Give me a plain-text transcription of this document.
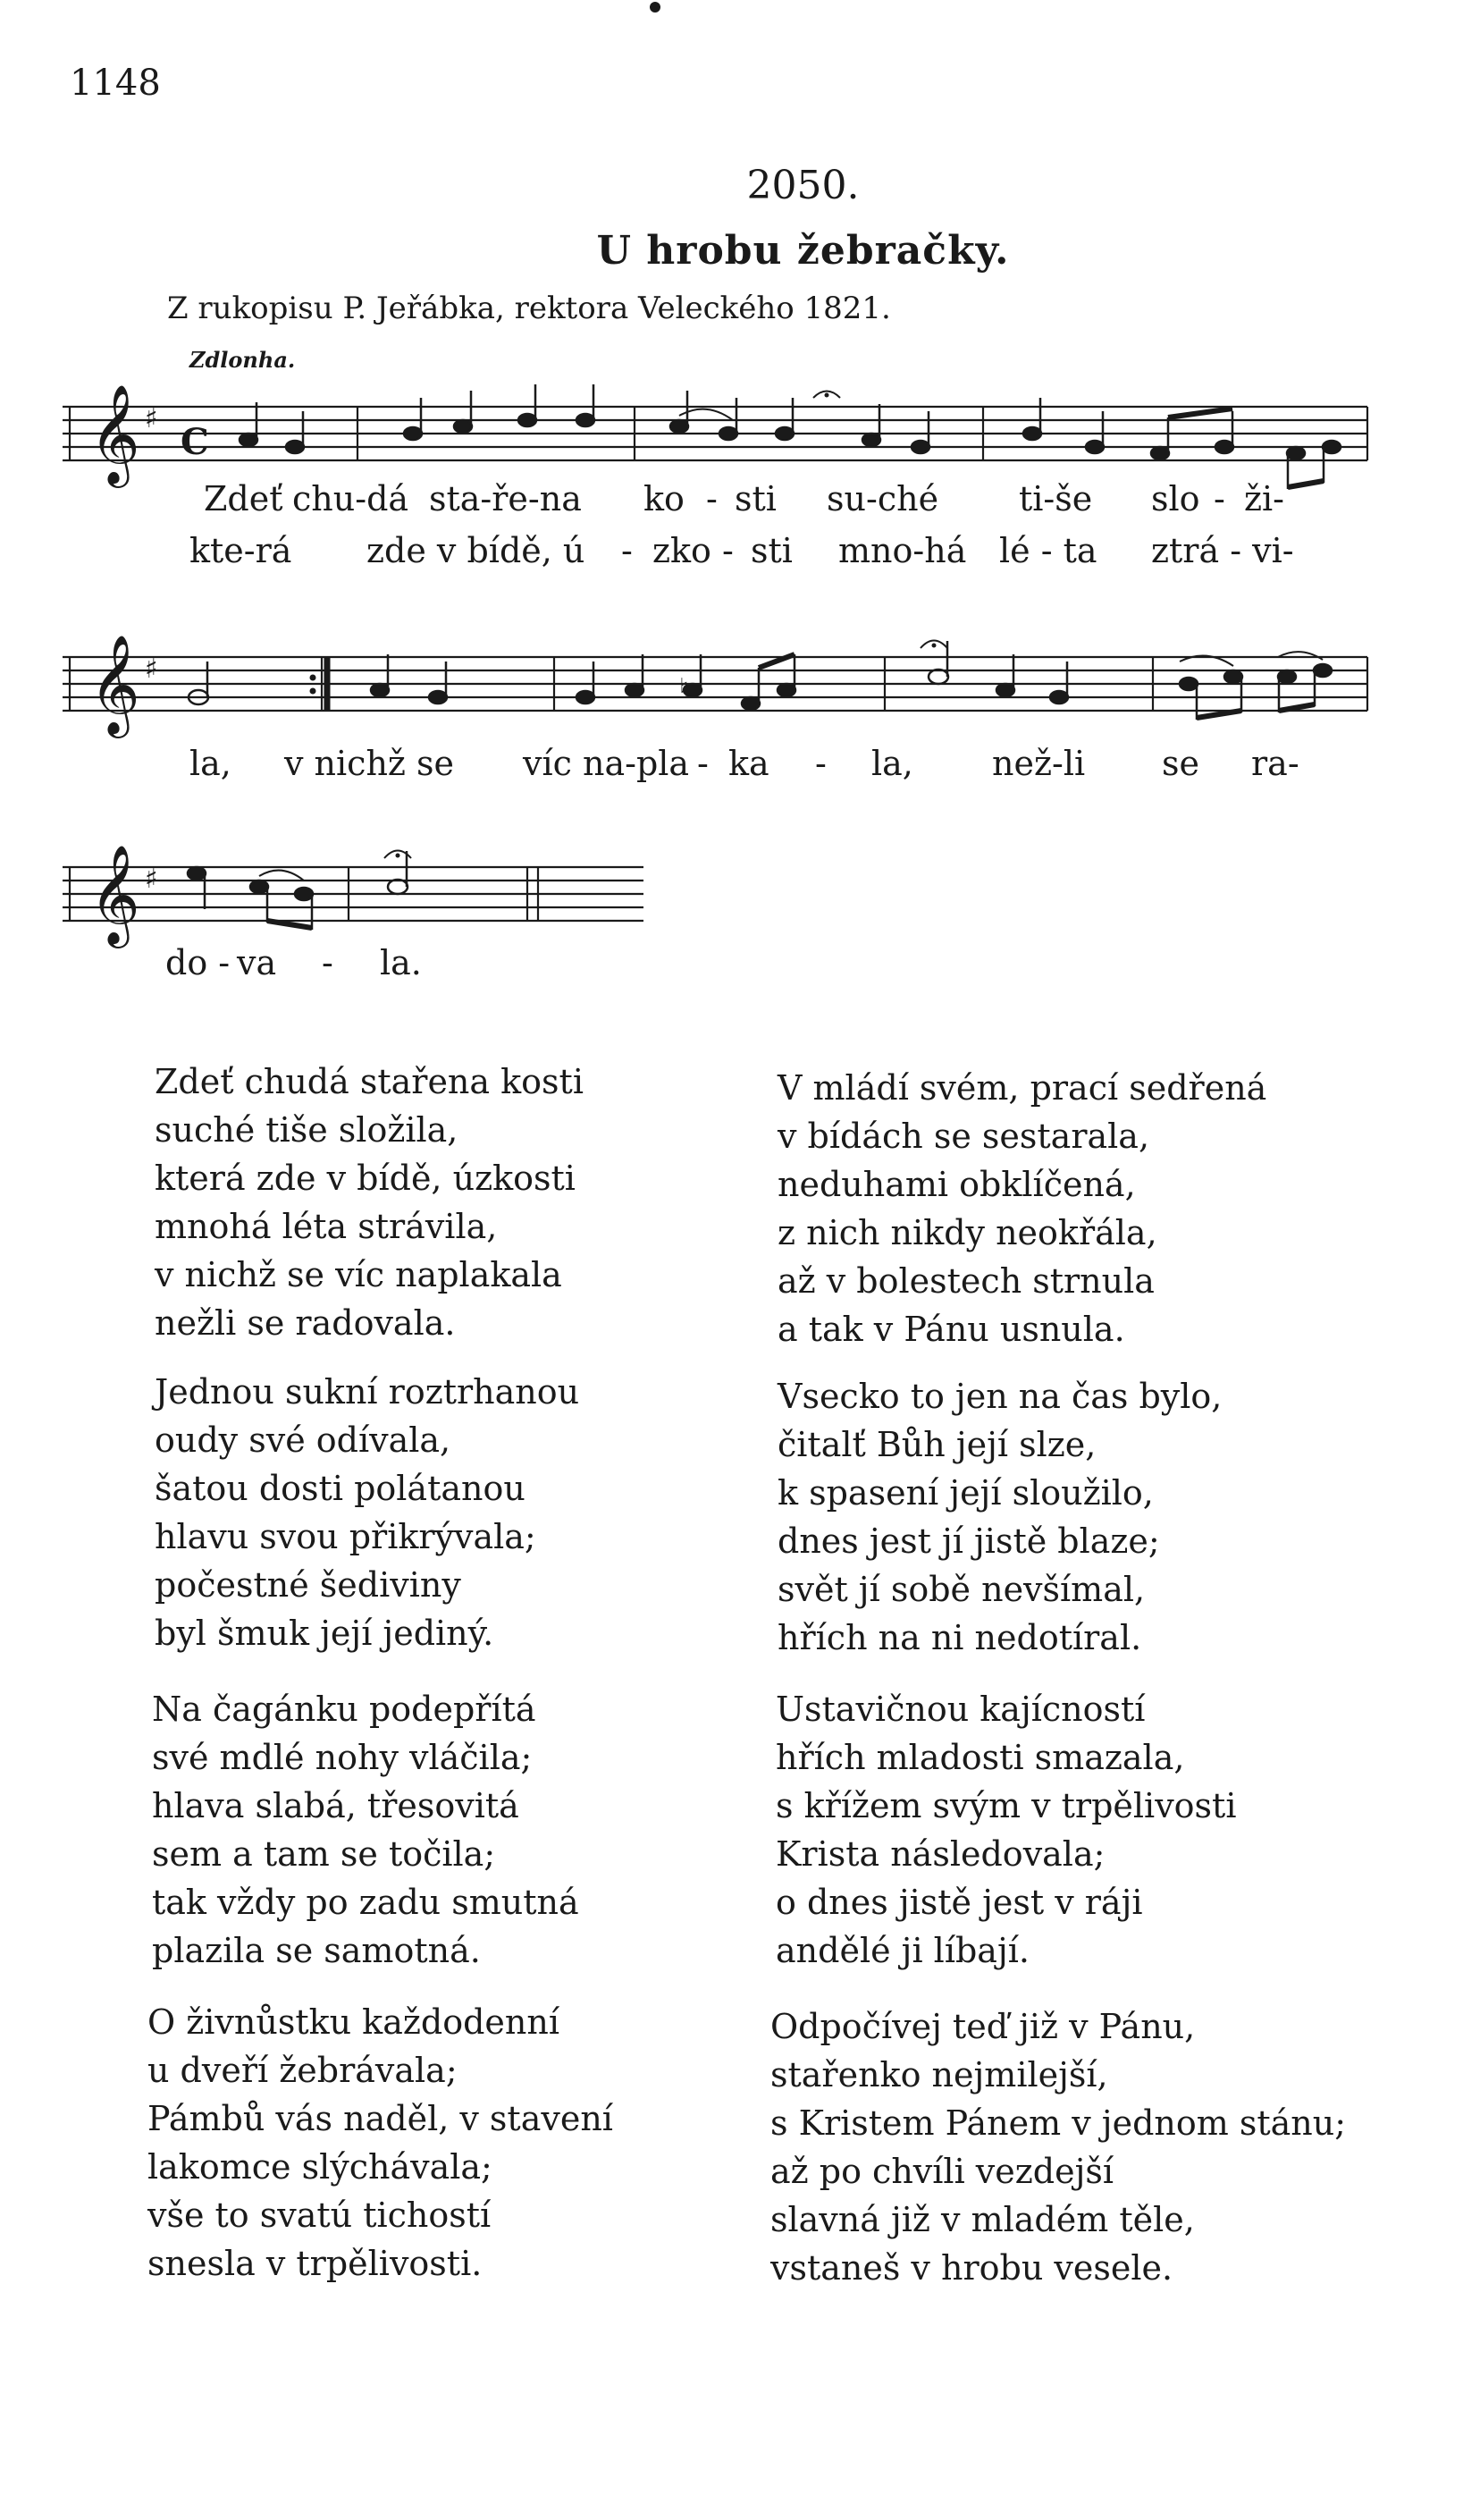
1148
2050.
U hrobu žebračky.
Z rukopisu P. Jeřábka, rektora Veleckého 1821.
Zdlonha.
𝄞 ♯
C
Zdeť chu-dá sta-ře-na ko - sti su-ché ti-še slo - ži-
kte-rá zde v bídě, ú - zko - sti mno-há lé - ta ztrá - vi-
𝄞 ♯
♮
la, v nichž se víc na-pla - ka - la, než-li se ra-
𝄞 ♯
do - va - la.
Zdeť chudá stařena kosti
suché tiše složila,
která zde v bídě, úzkosti
mnohá léta strávila,
v nichž se víc naplakala
nežli se radovala.
V mládí svém, prací sedřená
v bídách se sestarala,
neduhami obklíčená,
z nich nikdy neokřála,
až v bolestech strnula
a tak v Pánu usnula.
Jednou sukní roztrhanou
oudy své odívala,
šatou dosti polátanou
hlavu svou přikrývala;
počestné šediviny
byl šmuk její jediný.
Vsecko to jen na čas bylo,
čitalť Bůh její slze,
k spasení její sloužilo,
dnes jest jí jistě blaze;
svět jí sobě nevšímal,
hřích na ni nedotíral.
Na čagánku podepřítá
své mdlé nohy vláčila;
hlava slabá, třesovitá
sem a tam se točila;
tak vždy po zadu smutná
plazila se samotná.
Ustavičnou kajícností
hřích mladosti smazala,
s křížem svým v trpělivosti
Krista následovala;
o dnes jistě jest v ráji
andělé ji líbají.
O živnůstku každodenní
u dveří žebrávala;
Pámbů vás naděl, v stavení
lakomce slýchávala;
vše to svatú tichostí
snesla v trpělivosti.
Odpočívej teď již v Pánu,
stařenko nejmilejší,
s Kristem Pánem v jednom stánu;
až po chvíli vezdejší
slavná již v mladém těle,
vstaneš v hrobu vesele.
